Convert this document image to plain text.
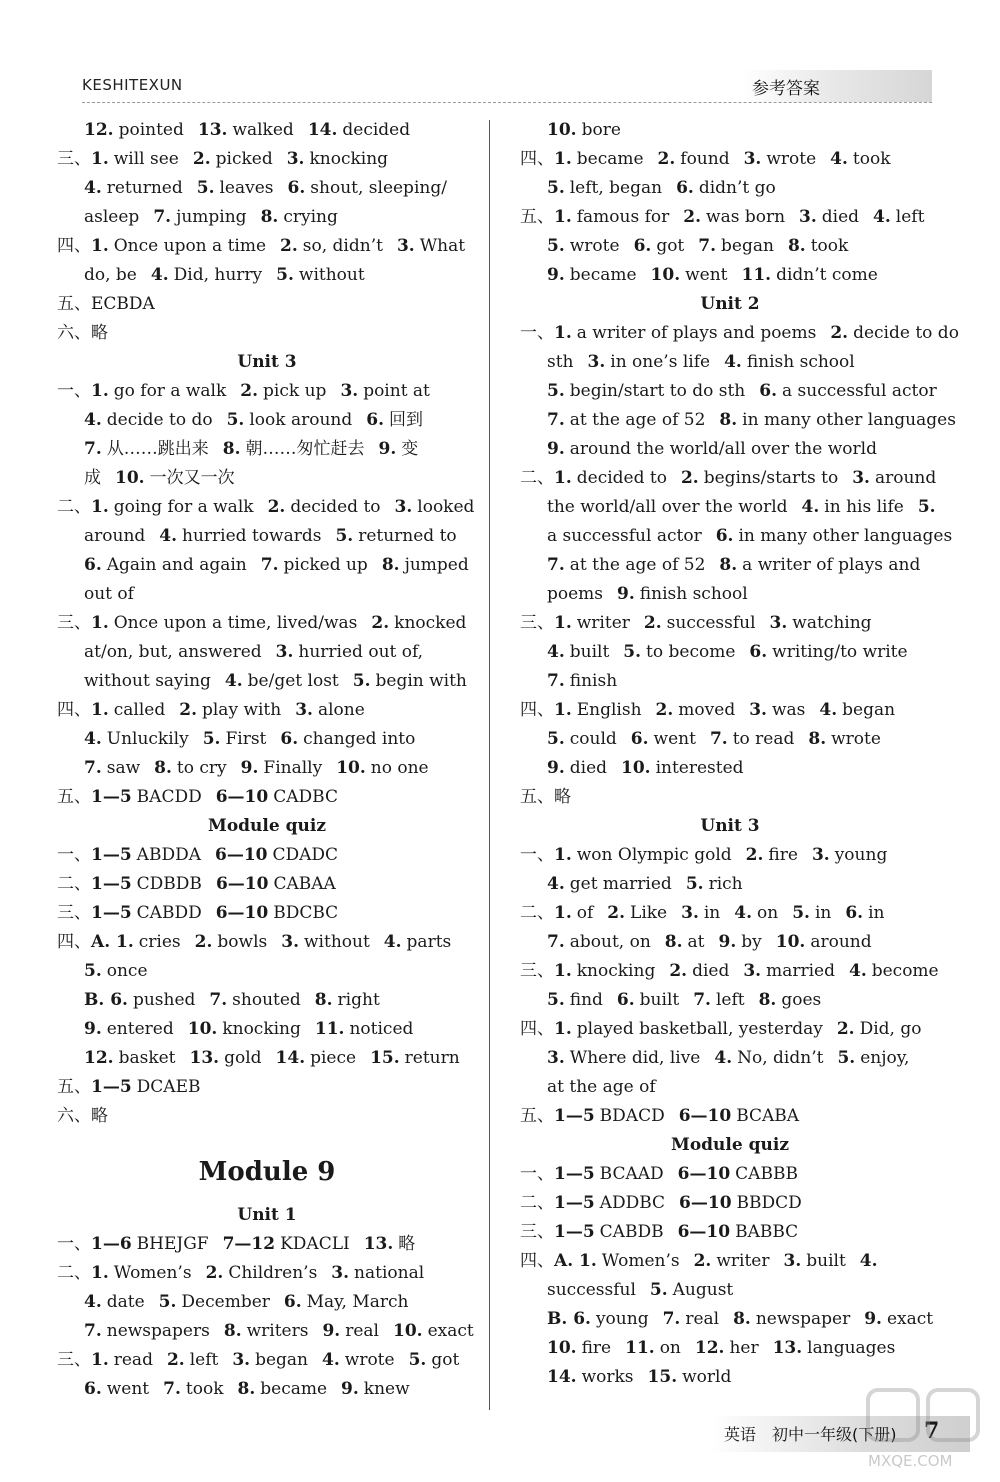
KESHITEXUN	参考答案
12. pointed 13. walked 14. decided
三、1. will see 2. picked 3. knocking
4. returned 5. leaves 6. shout, sleeping/
asleep 7. jumping 8. crying
四、1. Once upon a time 2. so, didn’t 3. What
do, be 4. Did, hurry 5. without
五、ECBDA
六、略
Unit 3
一、1. go for a walk 2. pick up 3. point at
4. decide to do 5. look around 6. 回到
7. 从……跳出来 8. 朝……匆忙赶去 9. 变
成 10. 一次又一次
二、1. going for a walk 2. decided to 3. looked
around 4. hurried towards 5. returned to
6. Again and again 7. picked up 8. jumped
out of
三、1. Once upon a time, lived/was 2. knocked
at/on, but, answered 3. hurried out of,
without saying 4. be/get lost 5. begin with
四、1. called 2. play with 3. alone
4. Unluckily 5. First 6. changed into
7. saw 8. to cry 9. Finally 10. no one
五、1—5 BACDD 6—10 CADBC
Module quiz
一、1—5 ABDDA 6—10 CDADC
二、1—5 CDBDB 6—10 CABAA
三、1—5 CABDD 6—10 BDCBC
四、A. 1. cries 2. bowls 3. without 4. parts
5. once
B. 6. pushed 7. shouted 8. right
9. entered 10. knocking 11. noticed
12. basket 13. gold 14. piece 15. return
五、1—5 DCAEB
六、略
Module 9
Unit 1
一、1—6 BHEJGF 7—12 KDACLI 13. 略
二、1. Women’s 2. Children’s 3. national
4. date 5. December 6. May, March
7. newspapers 8. writers 9. real 10. exact
三、1. read 2. left 3. began 4. wrote 5. got
6. went 7. took 8. became 9. knew
10. bore
四、1. became 2. found 3. wrote 4. took
5. left, began 6. didn’t go
五、1. famous for 2. was born 3. died 4. left
5. wrote 6. got 7. began 8. took
9. became 10. went 11. didn’t come
Unit 2
一、1. a writer of plays and poems 2. decide to do
sth 3. in one’s life 4. finish school
5. begin/start to do sth 6. a successful actor
7. at the age of 52 8. in many other languages
9. around the world/all over the world
二、1. decided to 2. begins/starts to 3. around
the world/all over the world 4. in his life 5.
a successful actor 6. in many other languages
7. at the age of 52 8. a writer of plays and
poems 9. finish school
三、1. writer 2. successful 3. watching
4. built 5. to become 6. writing/to write
7. finish
四、1. English 2. moved 3. was 4. began
5. could 6. went 7. to read 8. wrote
9. died 10. interested
五、略
Unit 3
一、1. won Olympic gold 2. fire 3. young
4. get married 5. rich
二、1. of 2. Like 3. in 4. on 5. in 6. in
7. about, on 8. at 9. by 10. around
三、1. knocking 2. died 3. married 4. become
5. find 6. built 7. left 8. goes
四、1. played basketball, yesterday 2. Did, go
3. Where did, live 4. No, didn’t 5. enjoy,
at the age of
五、1—5 BDACD 6—10 BCABA
Module quiz
一、1—5 BCAAD 6—10 CABBB
二、1—5 ADDBC 6—10 BBDCD
三、1—5 CABDB 6—10 BABBC
四、A. 1. Women’s 2. writer 3. built 4.
successful 5. August
B. 6. young 7. real 8. newspaper 9. exact
10. fire 11. on 12. her 13. languages
14. works 15. world
英语　初中一年级(下册) 7
MXQE.COM
